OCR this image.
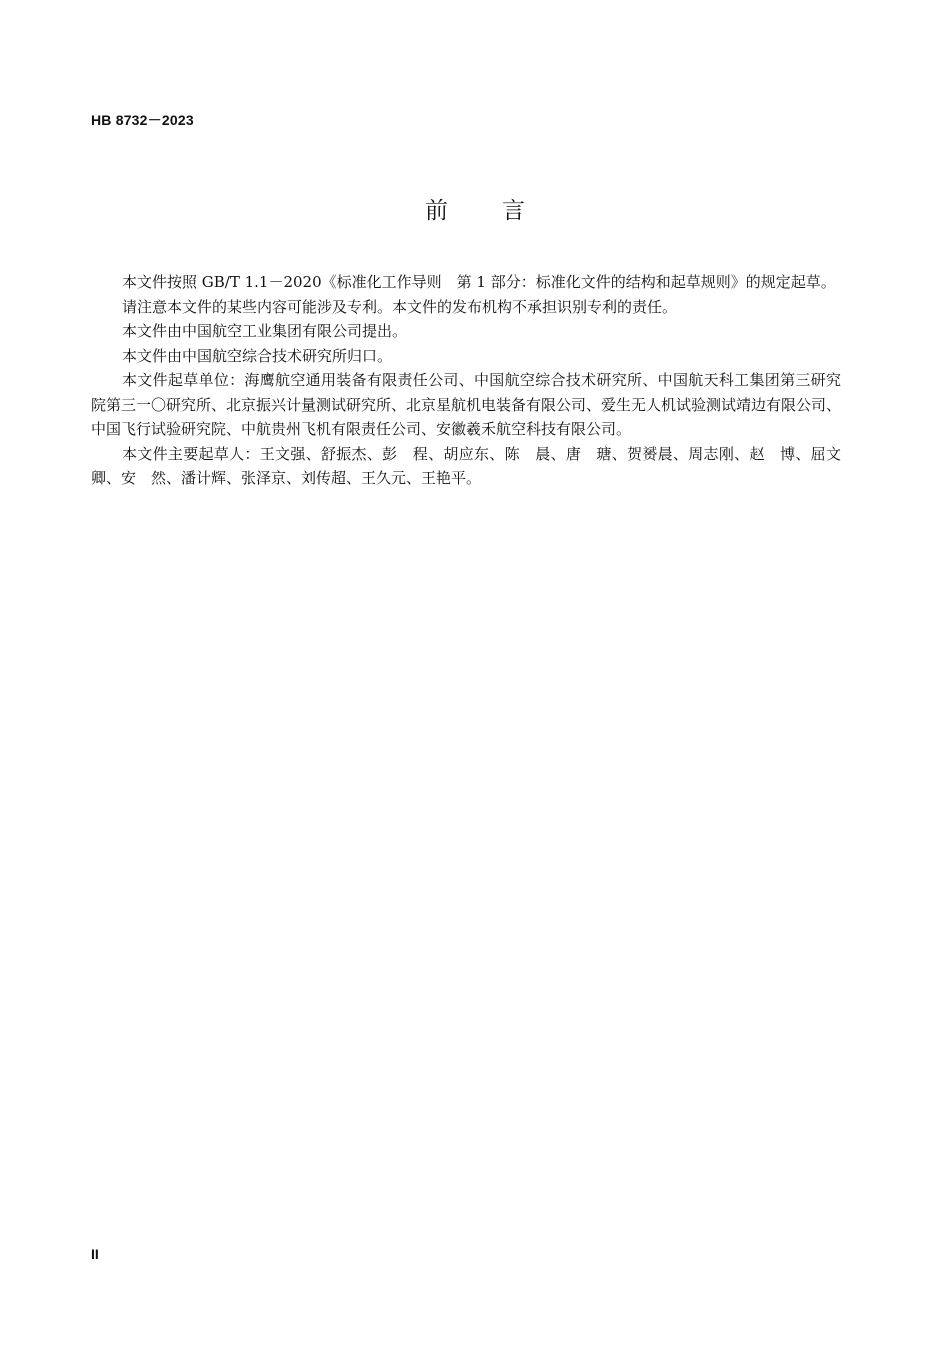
HB 8732－2023
前言

本文件按照 GB/T 1.1－2020《标准化工作导则　第 1 部分：标准化文件的结构和起草规则》的规定起草。

请注意本文件的某些内容可能涉及专利。本文件的发布机构不承担识别专利的责任。

本文件由中国航空工业集团有限公司提出。

本文件由中国航空综合技术研究所归口。

本文件起草单位：海鹰航空通用装备有限责任公司、中国航空综合技术研究所、中国航天科工集团第三研究院第三一〇研究所、北京振兴计量测试研究所、北京星航机电装备有限公司、爱生无人机试验测试靖边有限公司、中国飞行试验研究院、中航贵州飞机有限责任公司、安徽羲禾航空科技有限公司。

本文件主要起草人：王文强、舒振杰、彭　程、胡应东、陈　晨、唐　瑭、贺赟晨、周志刚、赵　博、屈文卿、安　然、潘计辉、张泽京、刘传超、王久元、王艳平。

II
